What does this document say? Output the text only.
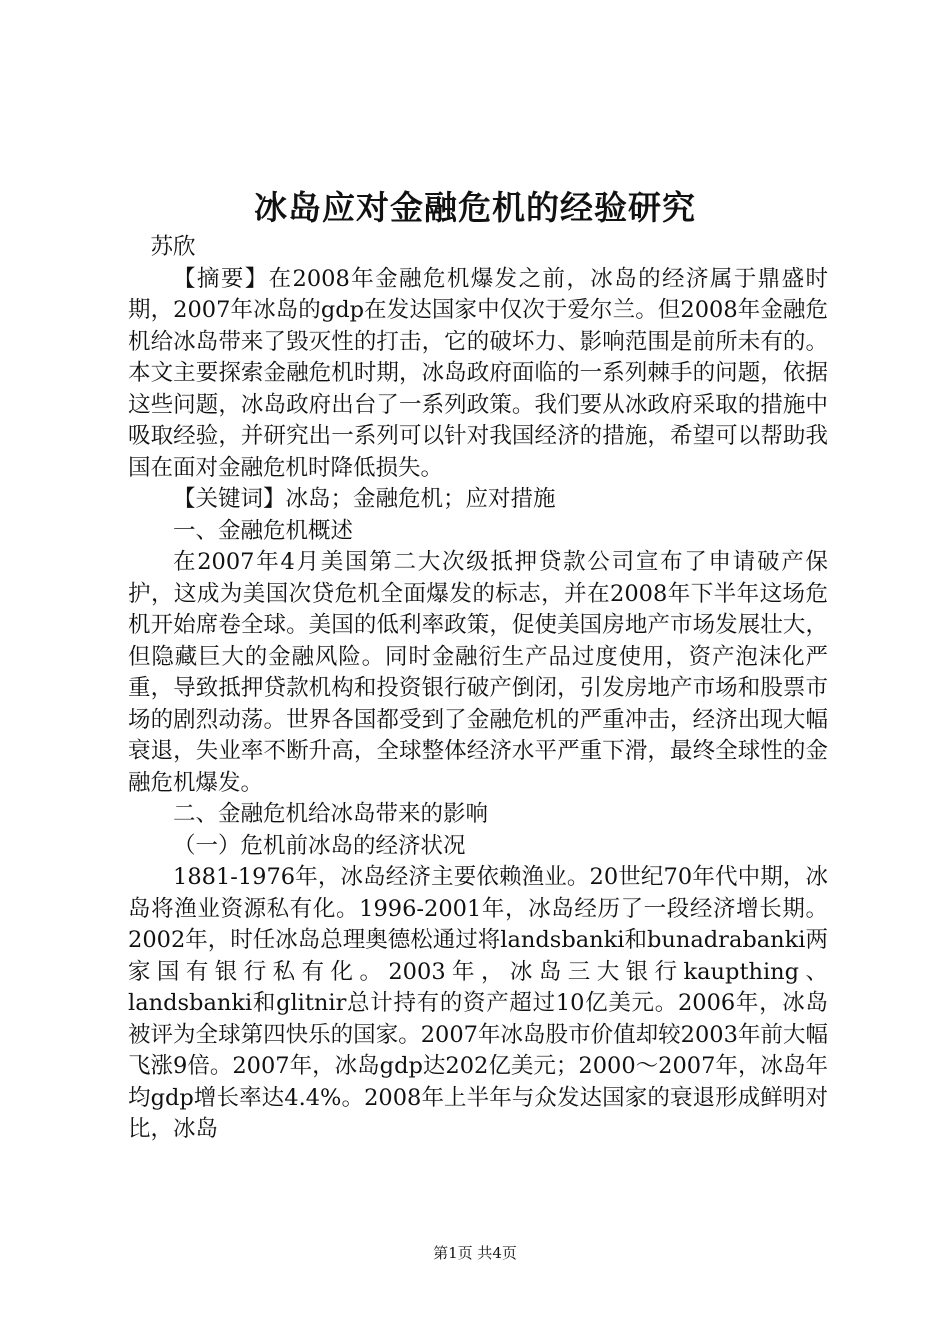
冰岛应对金融危机的经验研究

苏欣

【摘要】在2008年金融危机爆发之前，冰岛的经济属于鼎盛时期，2007年冰岛的gdp在发达国家中仅次于爱尔兰。但2008年金融危机给冰岛带来了毁灭性的打击，它的破坏力、影响范围是前所未有的。本文主要探索金融危机时期，冰岛政府面临的一系列棘手的问题，依据这些问题，冰岛政府出台了一系列政策。我们要从冰政府采取的措施中吸取经验，并研究出一系列可以针对我国经济的措施，希望可以帮助我国在面对金融危机时降低损失。

【关键词】冰岛；金融危机；应对措施

一、金融危机概述

在2007年4月美国第二大次级抵押贷款公司宣布了申请破产保护，这成为美国次贷危机全面爆发的标志，并在2008年下半年这场危机开始席卷全球。美国的低利率政策，促使美国房地产市场发展壮大，但隐藏巨大的金融风险。同时金融衍生产品过度使用，资产泡沫化严重，导致抵押贷款机构和投资银行破产倒闭，引发房地产市场和股票市场的剧烈动荡。世界各国都受到了金融危机的严重冲击，经济出现大幅衰退，失业率不断升高，全球整体经济水平严重下滑，最终全球性的金融危机爆发。

二、金融危机给冰岛带来的影响

（一）危机前冰岛的经济状况

1881-1976年，冰岛经济主要依赖渔业。20世纪70年代中期，冰岛将渔业资源私有化。1996-2001年，冰岛经历了一段经济增长期。2002年，时任冰岛总理奥德松通过将landsbanki和bunadrabanki两家国有银行私有化。2003年，冰岛三大银行kaupthing、landsbanki和glitnir总计持有的资产超过10亿美元。2006年，冰岛被评为全球第四快乐的国家。2007年冰岛股市价值却较2003年前大幅飞涨9倍。2007年，冰岛gdp达202亿美元；2000～2007年，冰岛年均gdp增长率达4.4%。2008年上半年与众发达国家的衰退形成鲜明对比，冰岛

第1页 共4页
